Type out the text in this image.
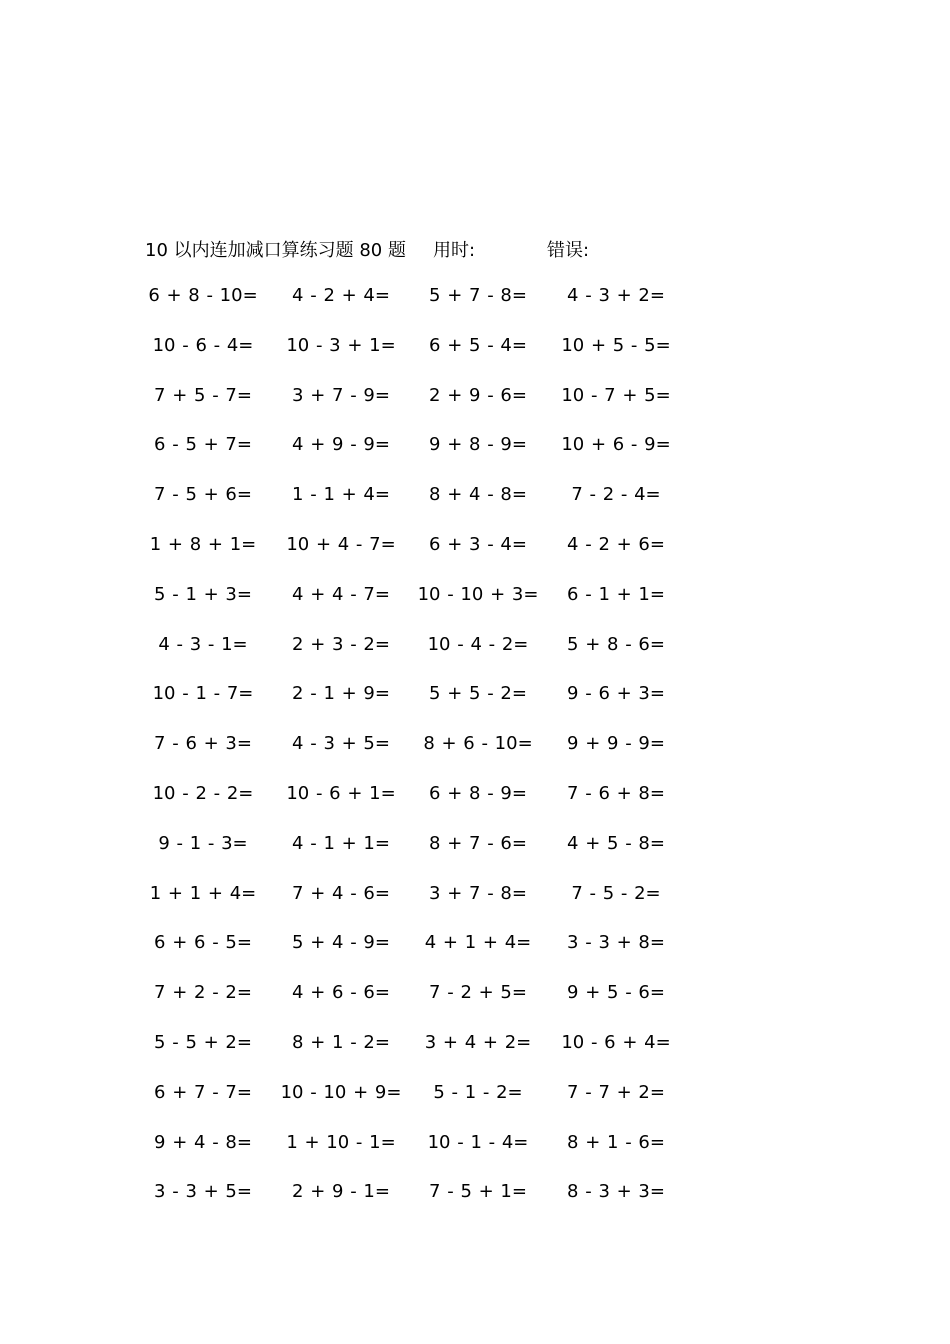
10 以内连加减口算练习题 80 题 用时:	错误:
6 + 8 - 10=	4 - 2 + 4=	5 + 7 - 8=	4 - 3 + 2=
10 - 6 - 4=	10 - 3 + 1=	6 + 5 - 4=	10 + 5 - 5=
7 + 5 - 7=	3 + 7 - 9=	2 + 9 - 6=	10 - 7 + 5=
6 - 5 + 7=	4 + 9 - 9=	9 + 8 - 9=	10 + 6 - 9=
7 - 5 + 6=	1 - 1 + 4=	8 + 4 - 8=	7 - 2 - 4=
1 + 8 + 1=	10 + 4 - 7=	6 + 3 - 4=	4 - 2 + 6=
5 - 1 + 3=	4 + 4 - 7=	10 - 10 + 3=	6 - 1 + 1=
4 - 3 - 1=	2 + 3 - 2=	10 - 4 - 2=	5 + 8 - 6=
10 - 1 - 7=	2 - 1 + 9=	5 + 5 - 2=	9 - 6 + 3=
7 - 6 + 3=	4 - 3 + 5=	8 + 6 - 10=	9 + 9 - 9=
10 - 2 - 2=	10 - 6 + 1=	6 + 8 - 9=	7 - 6 + 8=
9 - 1 - 3=	4 - 1 + 1=	8 + 7 - 6=	4 + 5 - 8=
1 + 1 + 4=	7 + 4 - 6=	3 + 7 - 8=	7 - 5 - 2=
6 + 6 - 5=	5 + 4 - 9=	4 + 1 + 4=	3 - 3 + 8=
7 + 2 - 2=	4 + 6 - 6=	7 - 2 + 5=	9 + 5 - 6=
5 - 5 + 2=	8 + 1 - 2=	3 + 4 + 2=	10 - 6 + 4=
6 + 7 - 7=	10 - 10 + 9=	5 - 1 - 2=	7 - 7 + 2=
9 + 4 - 8=	1 + 10 - 1=	10 - 1 - 4=	8 + 1 - 6=
3 - 3 + 5=	2 + 9 - 1=	7 - 5 + 1=	8 - 3 + 3=
